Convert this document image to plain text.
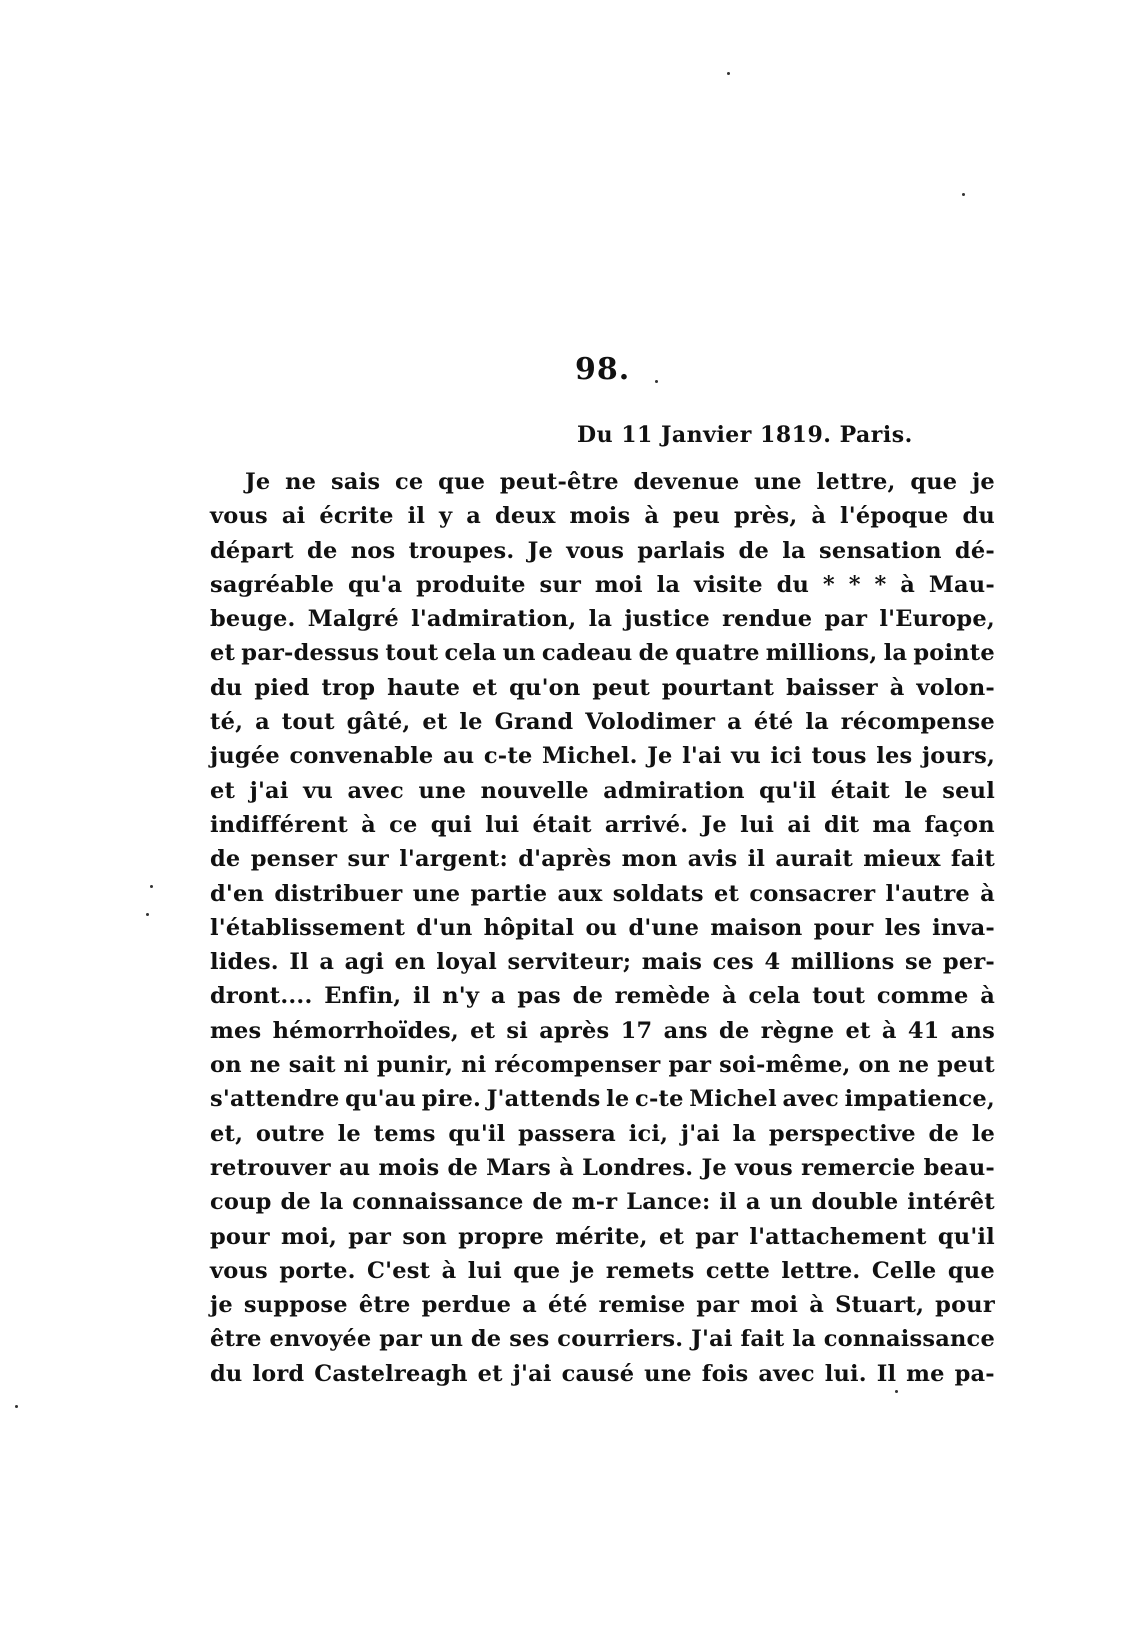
98.

Du 11 Janvier 1819. Paris.

Je ne sais ce que peut-être devenue une lettre, que je
vous ai écrite il y a deux mois à peu près, à l'époque du
départ de nos troupes. Je vous parlais de la sensation dé-
sagréable qu'a produite sur moi la visite du * * * à Mau-
beuge. Malgré l'admiration, la justice rendue par l'Europe,
et par-dessus tout cela un cadeau de quatre millions, la pointe
du pied trop haute et qu'on peut pourtant baisser à volon-
té, a tout gâté, et le Grand Volodimer a été la récompense
jugée convenable au c-te Michel. Je l'ai vu ici tous les jours,
et j'ai vu avec une nouvelle admiration qu'il était le seul
indifférent à ce qui lui était arrivé. Je lui ai dit ma façon
de penser sur l'argent: d'après mon avis il aurait mieux fait
d'en distribuer une partie aux soldats et consacrer l'autre à
l'établissement d'un hôpital ou d'une maison pour les inva-
lides. Il a agi en loyal serviteur; mais ces 4 millions se per-
dront.... Enfin, il n'y a pas de remède à cela tout comme à
mes hémorrhoïdes, et si après 17 ans de règne et à 41 ans
on ne sait ni punir, ni récompenser par soi-même, on ne peut
s'attendre qu'au pire. J'attends le c-te Michel avec impatience,
et, outre le tems qu'il passera ici, j'ai la perspective de le
retrouver au mois de Mars à Londres. Je vous remercie beau-
coup de la connaissance de m-r Lance: il a un double intérêt
pour moi, par son propre mérite, et par l'attachement qu'il
vous porte. C'est à lui que je remets cette lettre. Celle que
je suppose être perdue a été remise par moi à Stuart, pour
être envoyée par un de ses courriers. J'ai fait la connaissance
du lord Castelreagh et j'ai causé une fois avec lui. Il me pa-
